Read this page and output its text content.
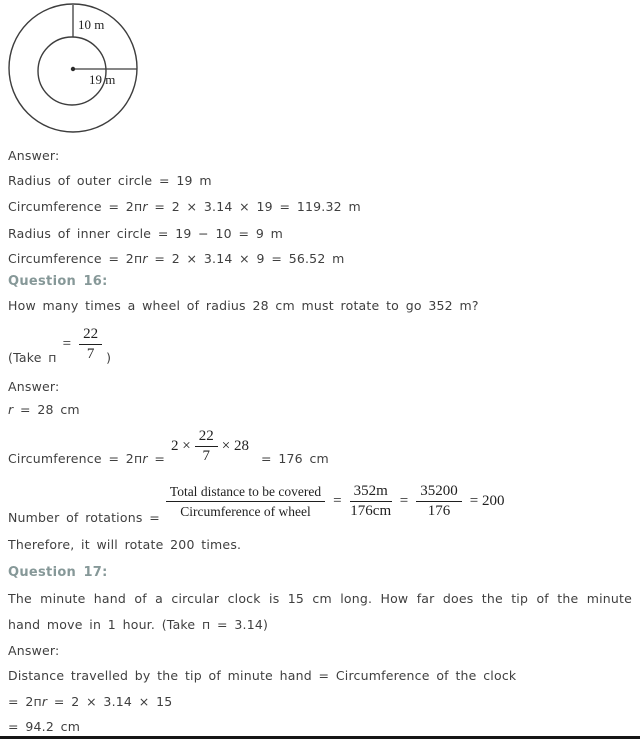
10 m
19 m
Answer:
Radius of outer circle = 19 m
Circumference = 2пr = 2 × 3.14 × 19 = 119.32 m
Radius of inner circle = 19 − 10 = 9 m
Circumference = 2пr = 2 × 3.14 × 9 = 56.52 m
Question 16:
How many times a wheel of radius 28 cm must rotate to go 352 m?
(Take п
= $\frac{22}{7}$ )
Answer:
r = 28 cm
Circumference = 2пr =
$2 \times \frac{22}{7} \times 28$
= 176 cm
Number of rotations = $\frac{\text{Total distance to be covered}}{\text{Circumference of wheel}} = \frac{352m}{176cm} = \frac{35200}{176} = 200$
Therefore, it will rotate 200 times.
Question 17:
The minute hand of a circular clock is 15 cm long. How far does the tip of the minute
hand move in 1 hour. (Take п = 3.14)
Answer:
Distance travelled by the tip of minute hand = Circumference of the clock
= 2пr = 2 × 3.14 × 15
= 94.2 cm
